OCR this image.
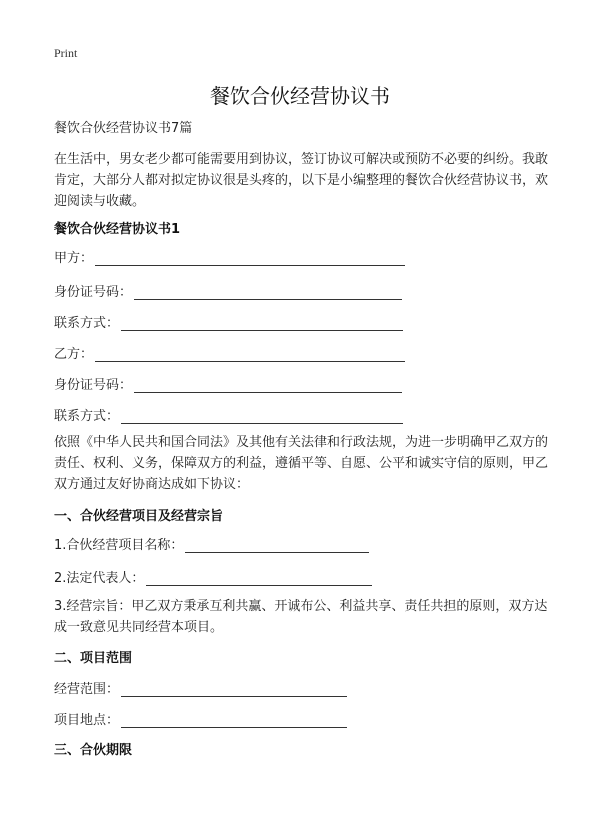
Print
餐饮合伙经营协议书
餐饮合伙经营协议书7篇
在生活中，男女老少都可能需要用到协议，签订协议可解决或预防不必要的纠纷。我敢肯定，大部分人都对拟定协议很是头疼的，以下是小编整理的餐饮合伙经营协议书，欢迎阅读与收藏。
餐饮合伙经营协议书1
甲方：
身份证号码：
联系方式：
乙方：
身份证号码：
联系方式：
依照《中华人民共和国合同法》及其他有关法律和行政法规，为进一步明确甲乙双方的责任、权利、义务，保障双方的利益，遵循平等、自愿、公平和诚实守信的原则，甲乙双方通过友好协商达成如下协议：
一、合伙经营项目及经营宗旨
1.合伙经营项目名称：
2.法定代表人：
3.经营宗旨：甲乙双方秉承互利共赢、开诚布公、利益共享、责任共担的原则，双方达成一致意见共同经营本项目。
二、项目范围
经营范围：
项目地点：
三、合伙期限
